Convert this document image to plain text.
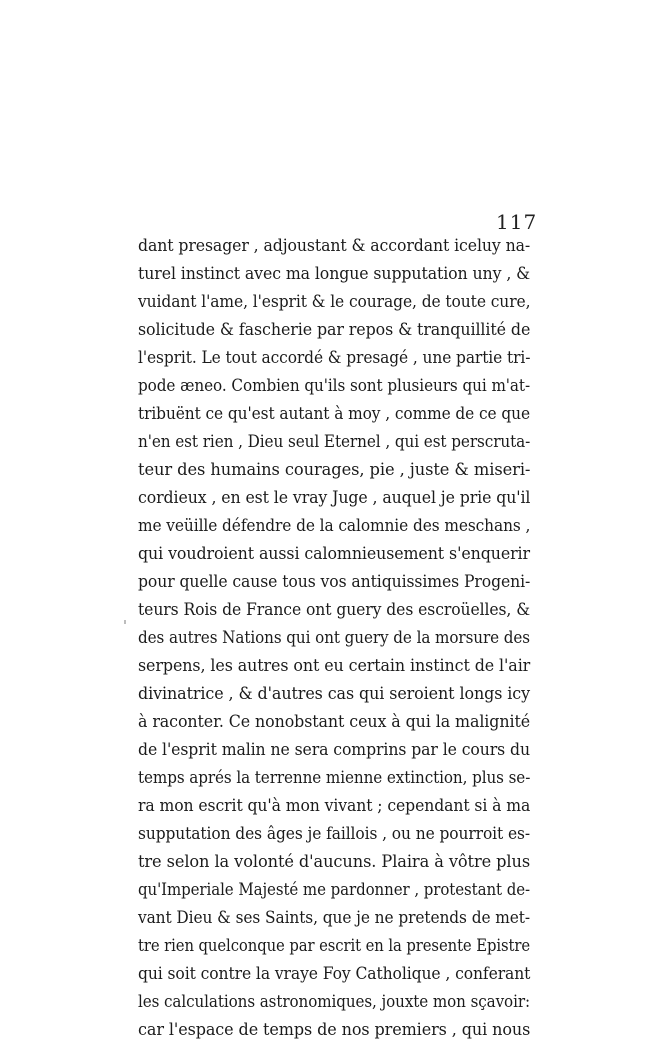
117
dant presager , adjoustant & accordant iceluy na-
turel instinct avec ma longue supputation uny , &
vuidant l'ame, l'esprit & le courage, de toute cure,
solicitude & fascherie par repos & tranquillité de
l'esprit. Le tout accordé & presagé , une partie tri-
pode æneo. Combien qu'ils sont plusieurs qui m'at-
tribuënt ce qu'est autant à moy , comme de ce que
n'en est rien , Dieu seul Eternel , qui est perscruta-
teur des humains courages, pie , juste & miseri-
cordieux , en est le vray Juge , auquel je prie qu'il
me veüille défendre de la calomnie des meschans ,
qui voudroient aussi calomnieusement s'enquerir
pour quelle cause tous vos antiquissimes Progeni-
teurs Rois de France ont guery des escroüelles, &
des autres Nations qui ont guery de la morsure des
serpens, les autres ont eu certain instinct de l'air
divinatrice , & d'autres cas qui seroient longs icy
à raconter. Ce nonobstant ceux à qui la malignité
de l'esprit malin ne sera comprins par le cours du
temps aprés la terrenne mienne extinction, plus se-
ra mon escrit qu'à mon vivant ; cependant si à ma
supputation des âges je faillois , ou ne pourroit es-
tre selon la volonté d'aucuns. Plaira à vôtre plus
qu'Imperiale Majesté me pardonner , protestant de-
vant Dieu & ses Saints, que je ne pretends de met-
tre rien quelconque par escrit en la presente Epistre
qui soit contre la vraye Foy Catholique , conferant
les calculations astronomiques, jouxte mon sçavoir:
car l'espace de temps de nos premiers , qui nous
